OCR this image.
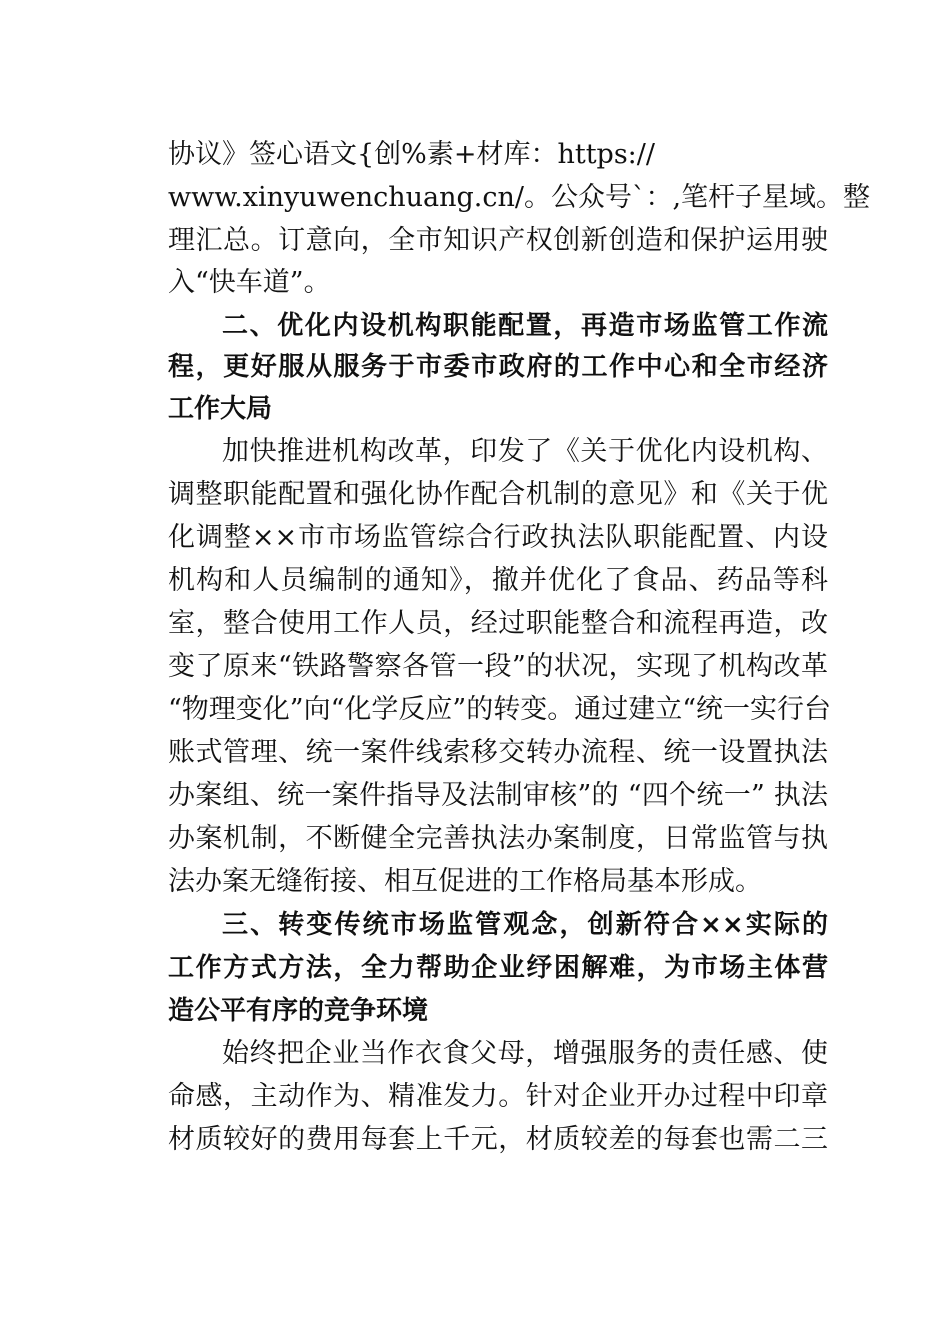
协议》签心语文{创%素+材库：https://
www.xinyuwenchuang.cn/。公众号`：,笔杆子星域。整
理汇总。订意向，全市知识产权创新创造和保护运用驶
入“快车道”。
二、优化内设机构职能配置，再造市场监管工作流
程，更好服从服务于市委市政府的工作中心和全市经济
工作大局
加快推进机构改革，印发了《关于优化内设机构、
调整职能配置和强化协作配合机制的意见》和《关于优
化调整××市市场监管综合行政执法队职能配置、内设
机构和人员编制的通知》，撤并优化了食品、药品等科
室，整合使用工作人员，经过职能整合和流程再造，改
变了原来“铁路警察各管一段”的状况，实现了机构改革
“物理变化”向“化学反应”的转变。通过建立“统一实行台
账式管理、统一案件线索移交转办流程、统一设置执法
办案组、统一案件指导及法制审核”的 “四个统一” 执法
办案机制，不断健全完善执法办案制度，日常监管与执
法办案无缝衔接、相互促进的工作格局基本形成。
三、转变传统市场监管观念，创新符合××实际的
工作方式方法，全力帮助企业纾困解难，为市场主体营
造公平有序的竞争环境
始终把企业当作衣食父母，增强服务的责任感、使
命感，主动作为、精准发力。针对企业开办过程中印章
材质较好的费用每套上千元，材质较差的每套也需二三
